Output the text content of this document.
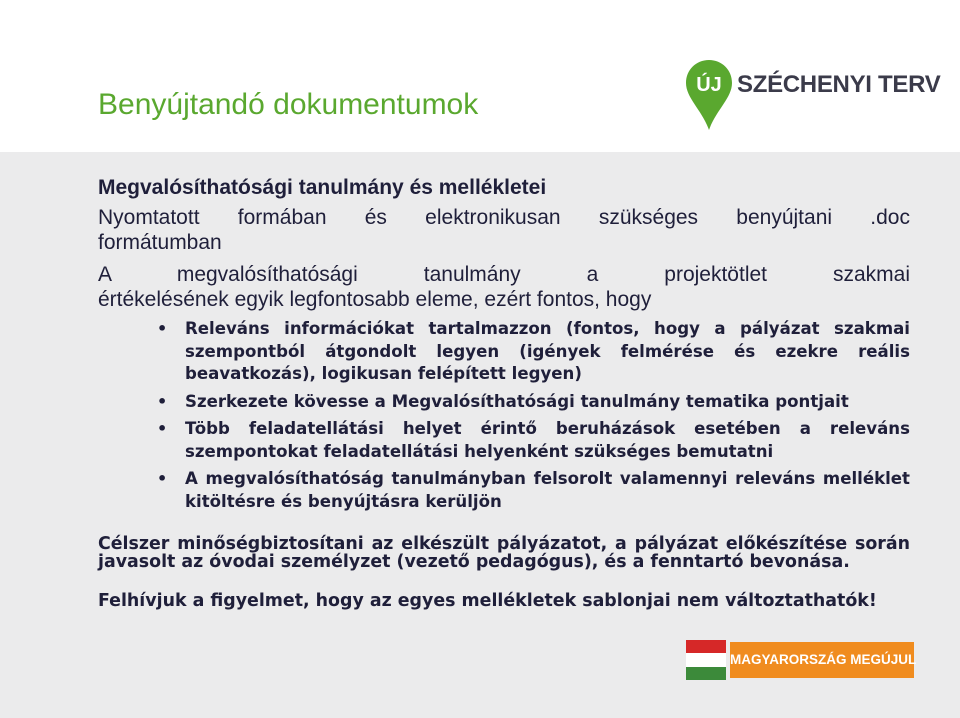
Benyújtandó dokumentumok
ÚJ SZÉCHENYI TERV

Megvalósíthatósági tanulmány és mellékletei

Nyomtatott formában és elektronikusan szükséges benyújtani .doc

formátumban

A megvalósíthatósági tanulmány a projektötlet szakmai

értékelésének egyik legfontosabb eleme, ezért fontos, hogy

• Releváns információkat tartalmazzon (fontos, hogy a pályázat szakmai szempontból átgondolt legyen (igények felmérése és ezekre reális beavatkozás), logikusan felépített legyen)
• Szerkezete kövesse a Megvalósíthatósági tanulmány tematika pontjait
• Több feladatellátási helyet érintő beruházások esetében a releváns szempontokat feladatellátási helyenként szükséges bemutatni
• A megvalósíthatóság tanulmányban felsorolt valamennyi releváns melléklet kitöltésre és benyújtásra kerüljön

Célszer minőségbiztosítani az elkészült pályázatot, a pályázat előkészítése során javasolt az óvodai személyzet (vezető pedagógus), és a fenntartó bevonása.

Felhívjuk a figyelmet, hogy az egyes mellékletek sablonjai nem változtathatók!

MAGYARORSZÁG MEGÚJUL
